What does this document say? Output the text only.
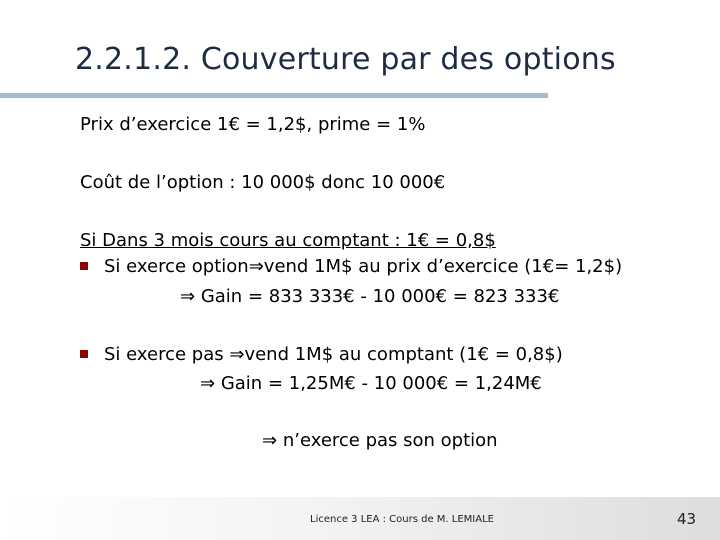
2.2.1.2. Couverture par des options
Prix d’exercice 1€ = 1,2$, prime = 1%
Coût de l’option : 10 000$ donc 10 000€
Si Dans 3 mois cours au comptant : 1€ = 0,8$
Si exerce option⇒vend 1M$ au prix d’exercice (1€= 1,2$)
⇒ Gain = 833 333€ - 10 000€ = 823 333€
Si exerce pas ⇒vend 1M$ au comptant (1€ = 0,8$)
⇒ Gain = 1,25M€ - 10 000€ = 1,24M€
⇒ n’exerce pas son option
Licence 3 LEA : Cours de M. LEMIALE	43
